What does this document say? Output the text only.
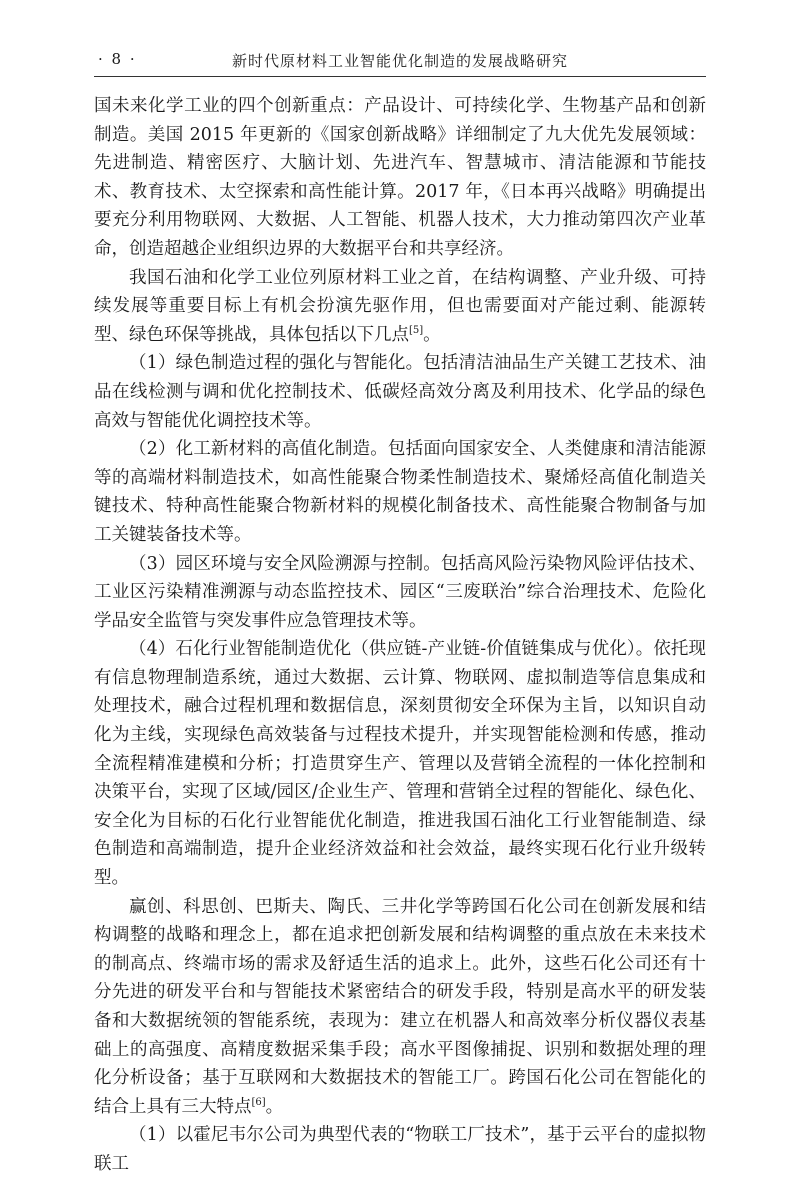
· 8 ·	新时代原材料工业智能优化制造的发展战略研究

国未来化学工业的四个创新重点：产品设计、可持续化学、生物基产品和创新制造。美国 2015 年更新的《国家创新战略》详细制定了九大优先发展领域：先进制造、精密医疗、大脑计划、先进汽车、智慧城市、清洁能源和节能技术、教育技术、太空探索和高性能计算。2017 年，《日本再兴战略》明确提出要充分利用物联网、大数据、人工智能、机器人技术，大力推动第四次产业革命，创造超越企业组织边界的大数据平台和共享经济。

我国石油和化学工业位列原材料工业之首，在结构调整、产业升级、可持续发展等重要目标上有机会扮演先驱作用，但也需要面对产能过剩、能源转型、绿色环保等挑战，具体包括以下几点[5]。

（1）绿色制造过程的强化与智能化。包括清洁油品生产关键工艺技术、油品在线检测与调和优化控制技术、低碳烃高效分离及利用技术、化学品的绿色高效与智能优化调控技术等。

（2）化工新材料的高值化制造。包括面向国家安全、人类健康和清洁能源等的高端材料制造技术，如高性能聚合物柔性制造技术、聚烯烃高值化制造关键技术、特种高性能聚合物新材料的规模化制备技术、高性能聚合物制备与加工关键装备技术等。

（3）园区环境与安全风险溯源与控制。包括高风险污染物风险评估技术、工业区污染精准溯源与动态监控技术、园区“三废联治”综合治理技术、危险化学品安全监管与突发事件应急管理技术等。

（4）石化行业智能制造优化（供应链-产业链-价值链集成与优化）。依托现有信息物理制造系统，通过大数据、云计算、物联网、虚拟制造等信息集成和处理技术，融合过程机理和数据信息，深刻贯彻安全环保为主旨，以知识自动化为主线，实现绿色高效装备与过程技术提升，并实现智能检测和传感，推动全流程精准建模和分析；打造贯穿生产、管理以及营销全流程的一体化控制和决策平台，实现了区域/园区/企业生产、管理和营销全过程的智能化、绿色化、安全化为目标的石化行业智能优化制造，推进我国石油化工行业智能制造、绿色制造和高端制造，提升企业经济效益和社会效益，最终实现石化行业升级转型。

赢创、科思创、巴斯夫、陶氏、三井化学等跨国石化公司在创新发展和结构调整的战略和理念上，都在追求把创新发展和结构调整的重点放在未来技术的制高点、终端市场的需求及舒适生活的追求上。此外，这些石化公司还有十分先进的研发平台和与智能技术紧密结合的研发手段，特别是高水平的研发装备和大数据统领的智能系统，表现为：建立在机器人和高效率分析仪器仪表基础上的高强度、高精度数据采集手段；高水平图像捕捉、识别和数据处理的理化分析设备；基于互联网和大数据技术的智能工厂。跨国石化公司在智能化的结合上具有三大特点[6]。

（1）以霍尼韦尔公司为典型代表的“物联工厂技术”，基于云平台的虚拟物联工
